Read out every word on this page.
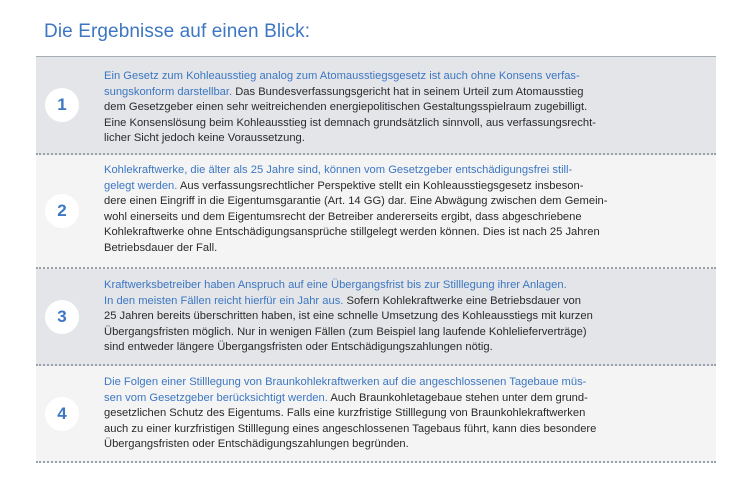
Die Ergebnisse auf einen Blick:
1

Ein Gesetz zum Kohleausstieg analog zum Atomausstiegsgesetz ist auch ohne Konsens verfas-
sungskonform darstellbar. Das Bundesverfassungsgericht hat in seinem Urteil zum Atomausstieg
dem Gesetzgeber einen sehr weitreichenden energiepolitischen Gestaltungsspielraum zugebilligt.
Eine Konsenslösung beim Kohleausstieg ist demnach grundsätzlich sinnvoll, aus verfassungsrecht-
licher Sicht jedoch keine Voraussetzung.

2

Kohlekraftwerke, die älter als 25 Jahre sind, können vom Gesetzgeber entschädigungsfrei still-
gelegt werden. Aus verfassungsrechtlicher Perspektive stellt ein Kohleausstiegsgesetz insbeson-
dere einen Eingriff in die Eigentumsgarantie (Art. 14 GG) dar. Eine Abwägung zwischen dem Gemein-
wohl einerseits und dem Eigentumsrecht der Betreiber andererseits ergibt, dass abgeschriebene
Kohlekraftwerke ohne Entschädigungsansprüche stillgelegt werden können. Dies ist nach 25 Jahren
Betriebsdauer der Fall.

3

Kraftwerksbetreiber haben Anspruch auf eine Übergangsfrist bis zur Stilllegung ihrer Anlagen.
In den meisten Fällen reicht hierfür ein Jahr aus. Sofern Kohlekraftwerke eine Betriebsdauer von
25 Jahren bereits überschritten haben, ist eine schnelle Umsetzung des Kohleausstiegs mit kurzen
Übergangsfristen möglich. Nur in wenigen Fällen (zum Beispiel lang laufende Kohlelieferverträge)
sind entweder längere Übergangsfristen oder Entschädigungszahlungen nötig.

4

Die Folgen einer Stilllegung von Braunkohlekraftwerken auf die angeschlossenen Tagebaue müs-
sen vom Gesetzgeber berücksichtigt werden. Auch Braunkohletagebaue stehen unter dem grund-
gesetzlichen Schutz des Eigentums. Falls eine kurzfristige Stilllegung von Braunkohlekraftwerken
auch zu einer kurzfristigen Stilllegung eines angeschlossenen Tagebaus führt, kann dies besondere
Übergangsfristen oder Entschädigungszahlungen begründen.
